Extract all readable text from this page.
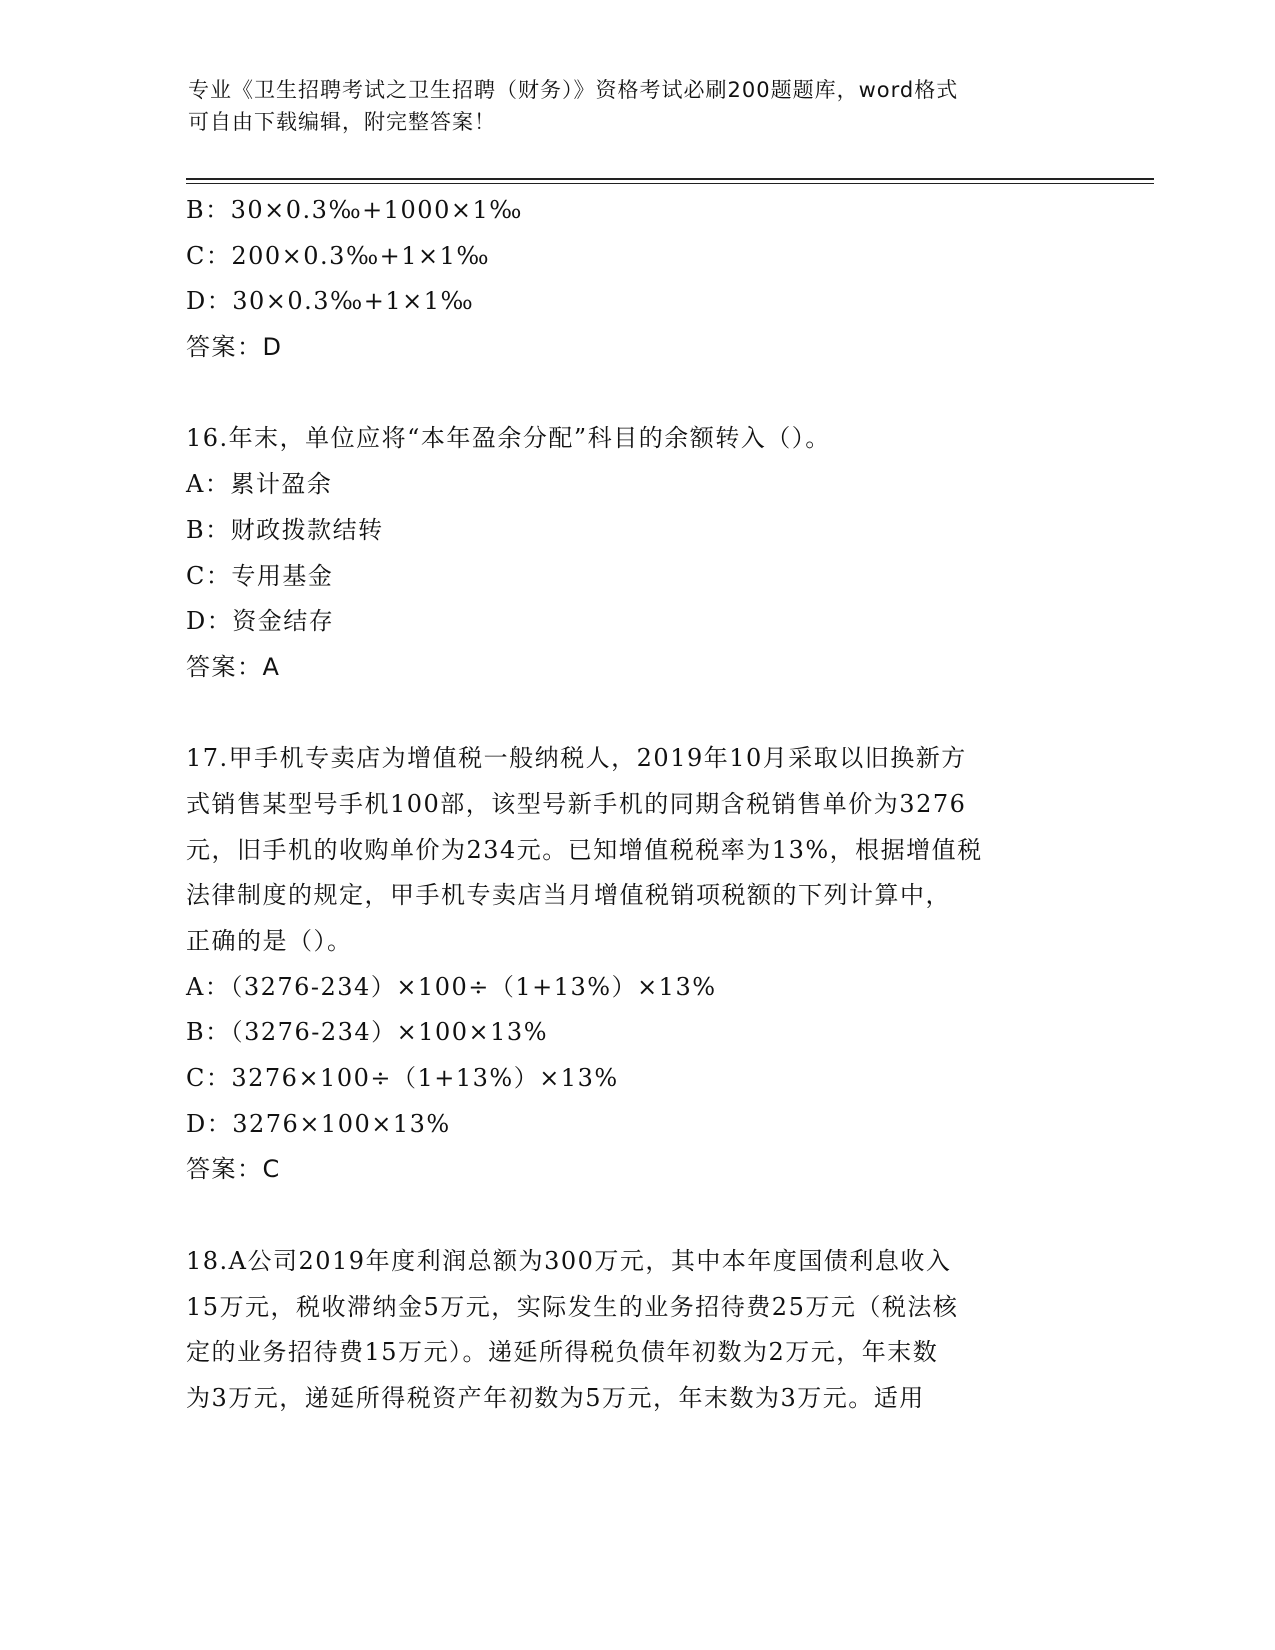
专业《卫生招聘考试之卫生招聘（财务）》资格考试必刷200题题库，word格式
可自由下载编辑，附完整答案！
B：30×0.3‰+1000×1‰
C：200×0.3‰+1×1‰
D：30×0.3‰+1×1‰
答案：D
16.年末，单位应将“本年盈余分配”科目的余额转入（）。
A：累计盈余
B：财政拨款结转
C：专用基金
D：资金结存
答案：A
17.甲手机专卖店为增值税一般纳税人，2019年10月采取以旧换新方
式销售某型号手机100部，该型号新手机的同期含税销售单价为3276
元，旧手机的收购单价为234元。已知增值税税率为13%，根据增值税
法律制度的规定，甲手机专卖店当月增值税销项税额的下列计算中，
正确的是（）。
A：（3276-234）×100÷（1+13%）×13%
B：（3276-234）×100×13%
C：3276×100÷（1+13%）×13%
D：3276×100×13%
答案：C
18.A公司2019年度利润总额为300万元，其中本年度国债利息收入
15万元，税收滞纳金5万元，实际发生的业务招待费25万元（税法核
定的业务招待费15万元）。递延所得税负债年初数为2万元，年末数
为3万元，递延所得税资产年初数为5万元，年末数为3万元。适用
